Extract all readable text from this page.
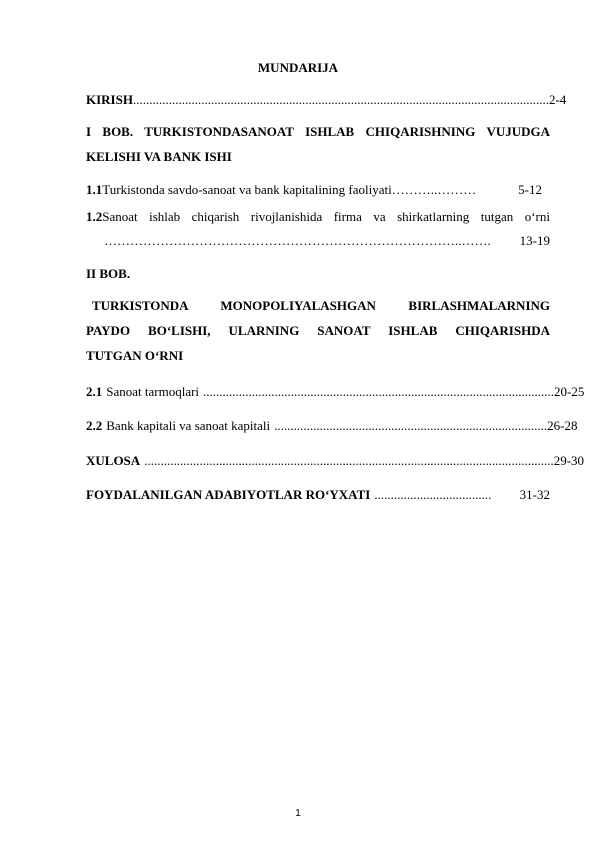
MUNDARIJA
KIRISH ................................................................................................................................ 2-4
I BOB. TURKISTONDASANOAT ISHLAB CHIQARISHNING VUJUDGA
KELISHI VA BANK ISHI
1.1 Turkistonda savdo-sanoat va bank kapitalining faoliyati ………..………	5-12
1.2Sanoat ishlab chiqarish rivojlanishida firma va shirkatlarning tutgan o‘rni
………………………………………………………………………..…….	13-19
II BOB.
TURKISTONDA MONOPOLIYALASHGAN BIRLASHMALARNING
PAYDO BO‘LISHI, ULARNING SANOAT ISHLAB CHIQARISHDA
TUTGAN O‘RNI
2.1 Sanoat tarmoqlari ............................................................................................................ 20-25
2.2 Bank kapitali va sanoat kapitali .................................................................................... 26-28
XULOSA .............................................................................................................................. 29-30
FOYDALANILGAN ADABIYOTLAR RO‘YXATI ....................................	31-32
1
